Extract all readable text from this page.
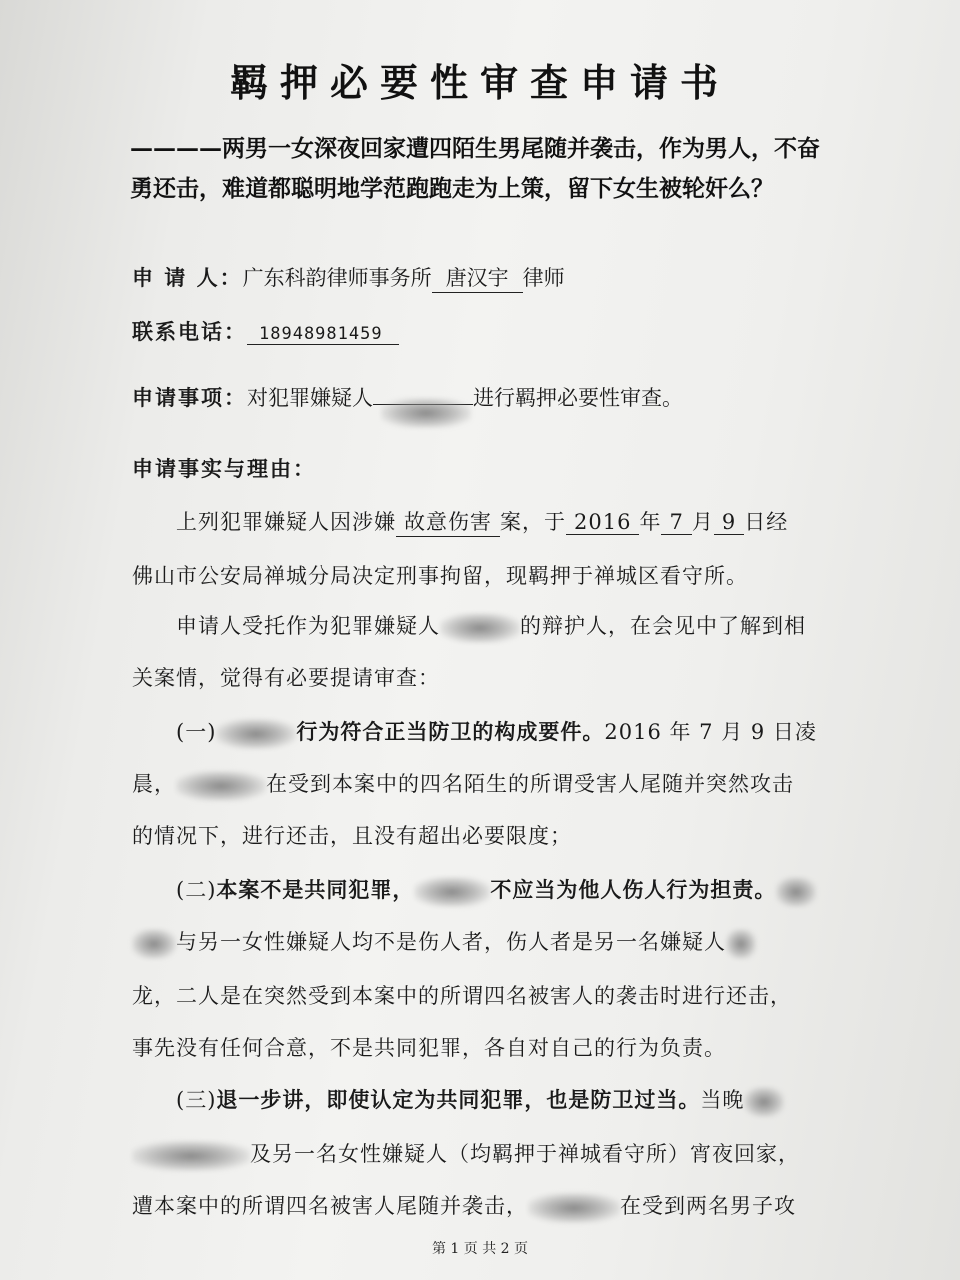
羁押必要性审查申请书
————两男一女深夜回家遭四陌生男尾随并袭击，作为男人，不奋
勇还击，难道都聪明地学范跑跑走为上策，留下女生被轮奸么？
申 请 人：广东科韵律师事务所 唐汉宇 律师
联系电话： 18948981459
申请事项：对犯罪嫌疑人	进行羁押必要性审查。
申请事实与理由：
上列犯罪嫌疑人因涉嫌 故意伤害 案，于 2016 年 7 月 9 日经
佛山市公安局禅城分局决定刑事拘留，现羁押于禅城区看守所。
申请人受托作为犯罪嫌疑人	的辩护人，在会见中了解到相
关案情，觉得有必要提请审查：
(一)	行为符合正当防卫的构成要件。2016 年 7 月 9 日凌
晨，	在受到本案中的四名陌生的所谓受害人尾随并突然攻击
的情况下，进行还击，且没有超出必要限度；
(二)本案不是共同犯罪，	不应当为他人伤人行为担责。
与另一女性嫌疑人均不是伤人者，伤人者是另一名嫌疑人
龙，二人是在突然受到本案中的所谓四名被害人的袭击时进行还击，
事先没有任何合意，不是共同犯罪，各自对自己的行为负责。
(三)退一步讲，即使认定为共同犯罪，也是防卫过当。当晚
及另一名女性嫌疑人（均羁押于禅城看守所）宵夜回家，
遭本案中的所谓四名被害人尾随并袭击，	在受到两名男子攻
第 1 页 共 2 页
